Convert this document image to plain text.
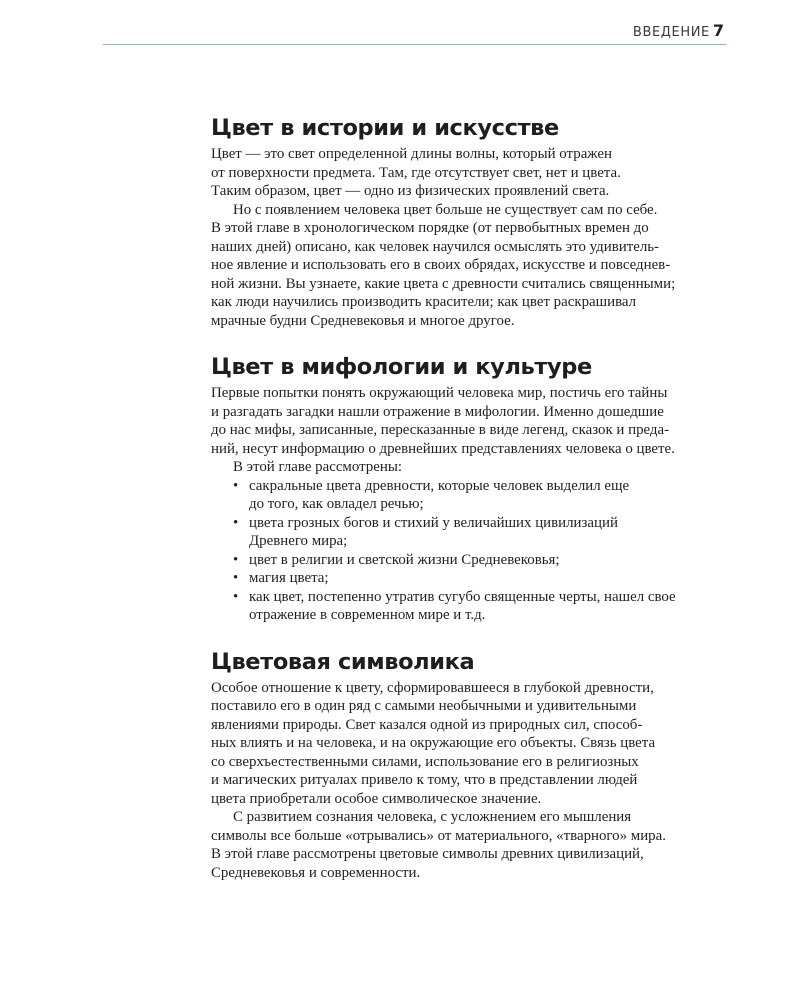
ВВЕДЕНИЕ 7
Цвет в истории и искусстве
Цвет — это свет определенной длины волны, который отражен
от поверхности предмета. Там, где отсутствует свет, нет и цвета.
Таким образом, цвет — одно из физических проявлений света.
Но с появлением человека цвет больше не существует сам по себе.
В этой главе в хронологическом порядке (от первобытных времен до
наших дней) описано, как человек научился осмыслять это удивитель-
ное явление и использовать его в своих обрядах, искусстве и повседнев-
ной жизни. Вы узнаете, какие цвета с древности считались священными;
как люди научились производить красители; как цвет раскрашивал
мрачные будни Средневековья и многое другое.
Цвет в мифологии и культуре
Первые попытки понять окружающий человека мир, постичь его тайны
и разгадать загадки нашли отражение в мифологии. Именно дошедшие
до нас мифы, записанные, пересказанные в виде легенд, сказок и преда-
ний, несут информацию о древнейших представлениях человека о цвете.
В этой главе рассмотрены:
• сакральные цвета древности, которые человек выделил еще
до того, как овладел речью;
• цвета грозных богов и стихий у величайших цивилизаций
Древнего мира;
• цвет в религии и светской жизни Средневековья;
• магия цвета;
• как цвет, постепенно утратив сугубо священные черты, нашел свое
отражение в современном мире и т.д.
Цветовая символика
Особое отношение к цвету, сформировавшееся в глубокой древности,
поставило его в один ряд с самыми необычными и удивительными
явлениями природы. Свет казался одной из природных сил, способ-
ных влиять и на человека, и на окружающие его объекты. Связь цвета
со сверхъестественными силами, использование его в религиозных
и магических ритуалах привело к тому, что в представлении людей
цвета приобретали особое символическое значение.
С развитием сознания человека, с усложнением его мышления
символы все больше «отрывались» от материального, «тварного» мира.
В этой главе рассмотрены цветовые символы древних цивилизаций,
Средневековья и современности.
